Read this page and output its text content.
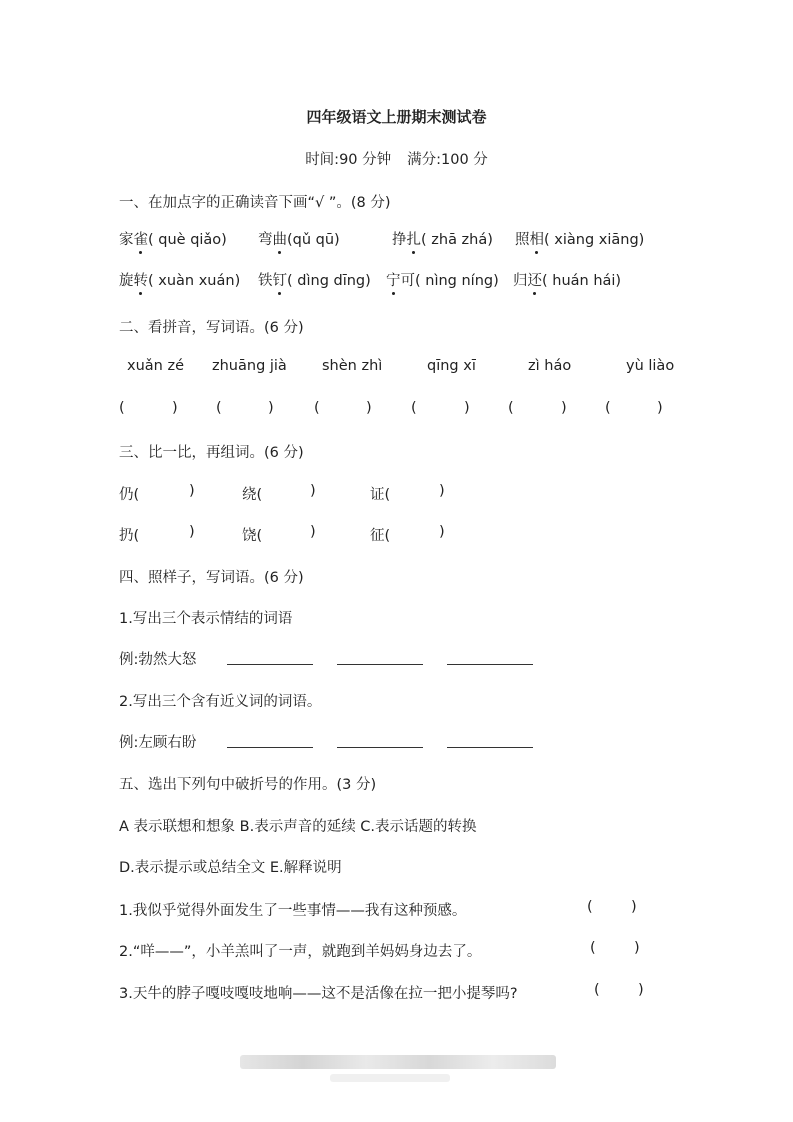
四年级语文上册期末测试卷
时间:90 分钟 满分:100 分
一、在加点字的正确读音下画“√ ”。(8 分)
家雀( què qiǎo) 弯曲(qǔ qū)	挣扎( zhā zhá) 照相( xiàng xiāng)
旋转( xuàn xuán) 铁钉( dìng dīng) 宁可( nìng níng) 归还( huán hái)
二、看拼音，写词语。(6 分)
xuǎn zé zhuāng jià shèn zhì	qīng xī	zì háo	yù liào
(	)	(	)	(	)	(	)	(	)	(	)
三、比一比，再组词。(6 分)
仍(	)	绕(	)	证(	)
扔(	)	饶(	)	征(	)
四、照样子，写词语。(6 分)
1.写出三个表示情结的词语
例:勃然大怒
2.写出三个含有近义词的词语。
例:左顾右盼
五、选出下列句中破折号的作用。(3 分)
A 表示联想和想象 B.表示声音的延续 C.表示话题的转换
D.表示提示或总结全文 E.解释说明
1.我似乎觉得外面发生了一些事情——我有这种预感。	(	)
2.“咩——”，小羊羔叫了一声，就跑到羊妈妈身边去了。	(	)
3.天牛的脖子嘎吱嘎吱地响——这不是活像在拉一把小提琴吗?	(	)
